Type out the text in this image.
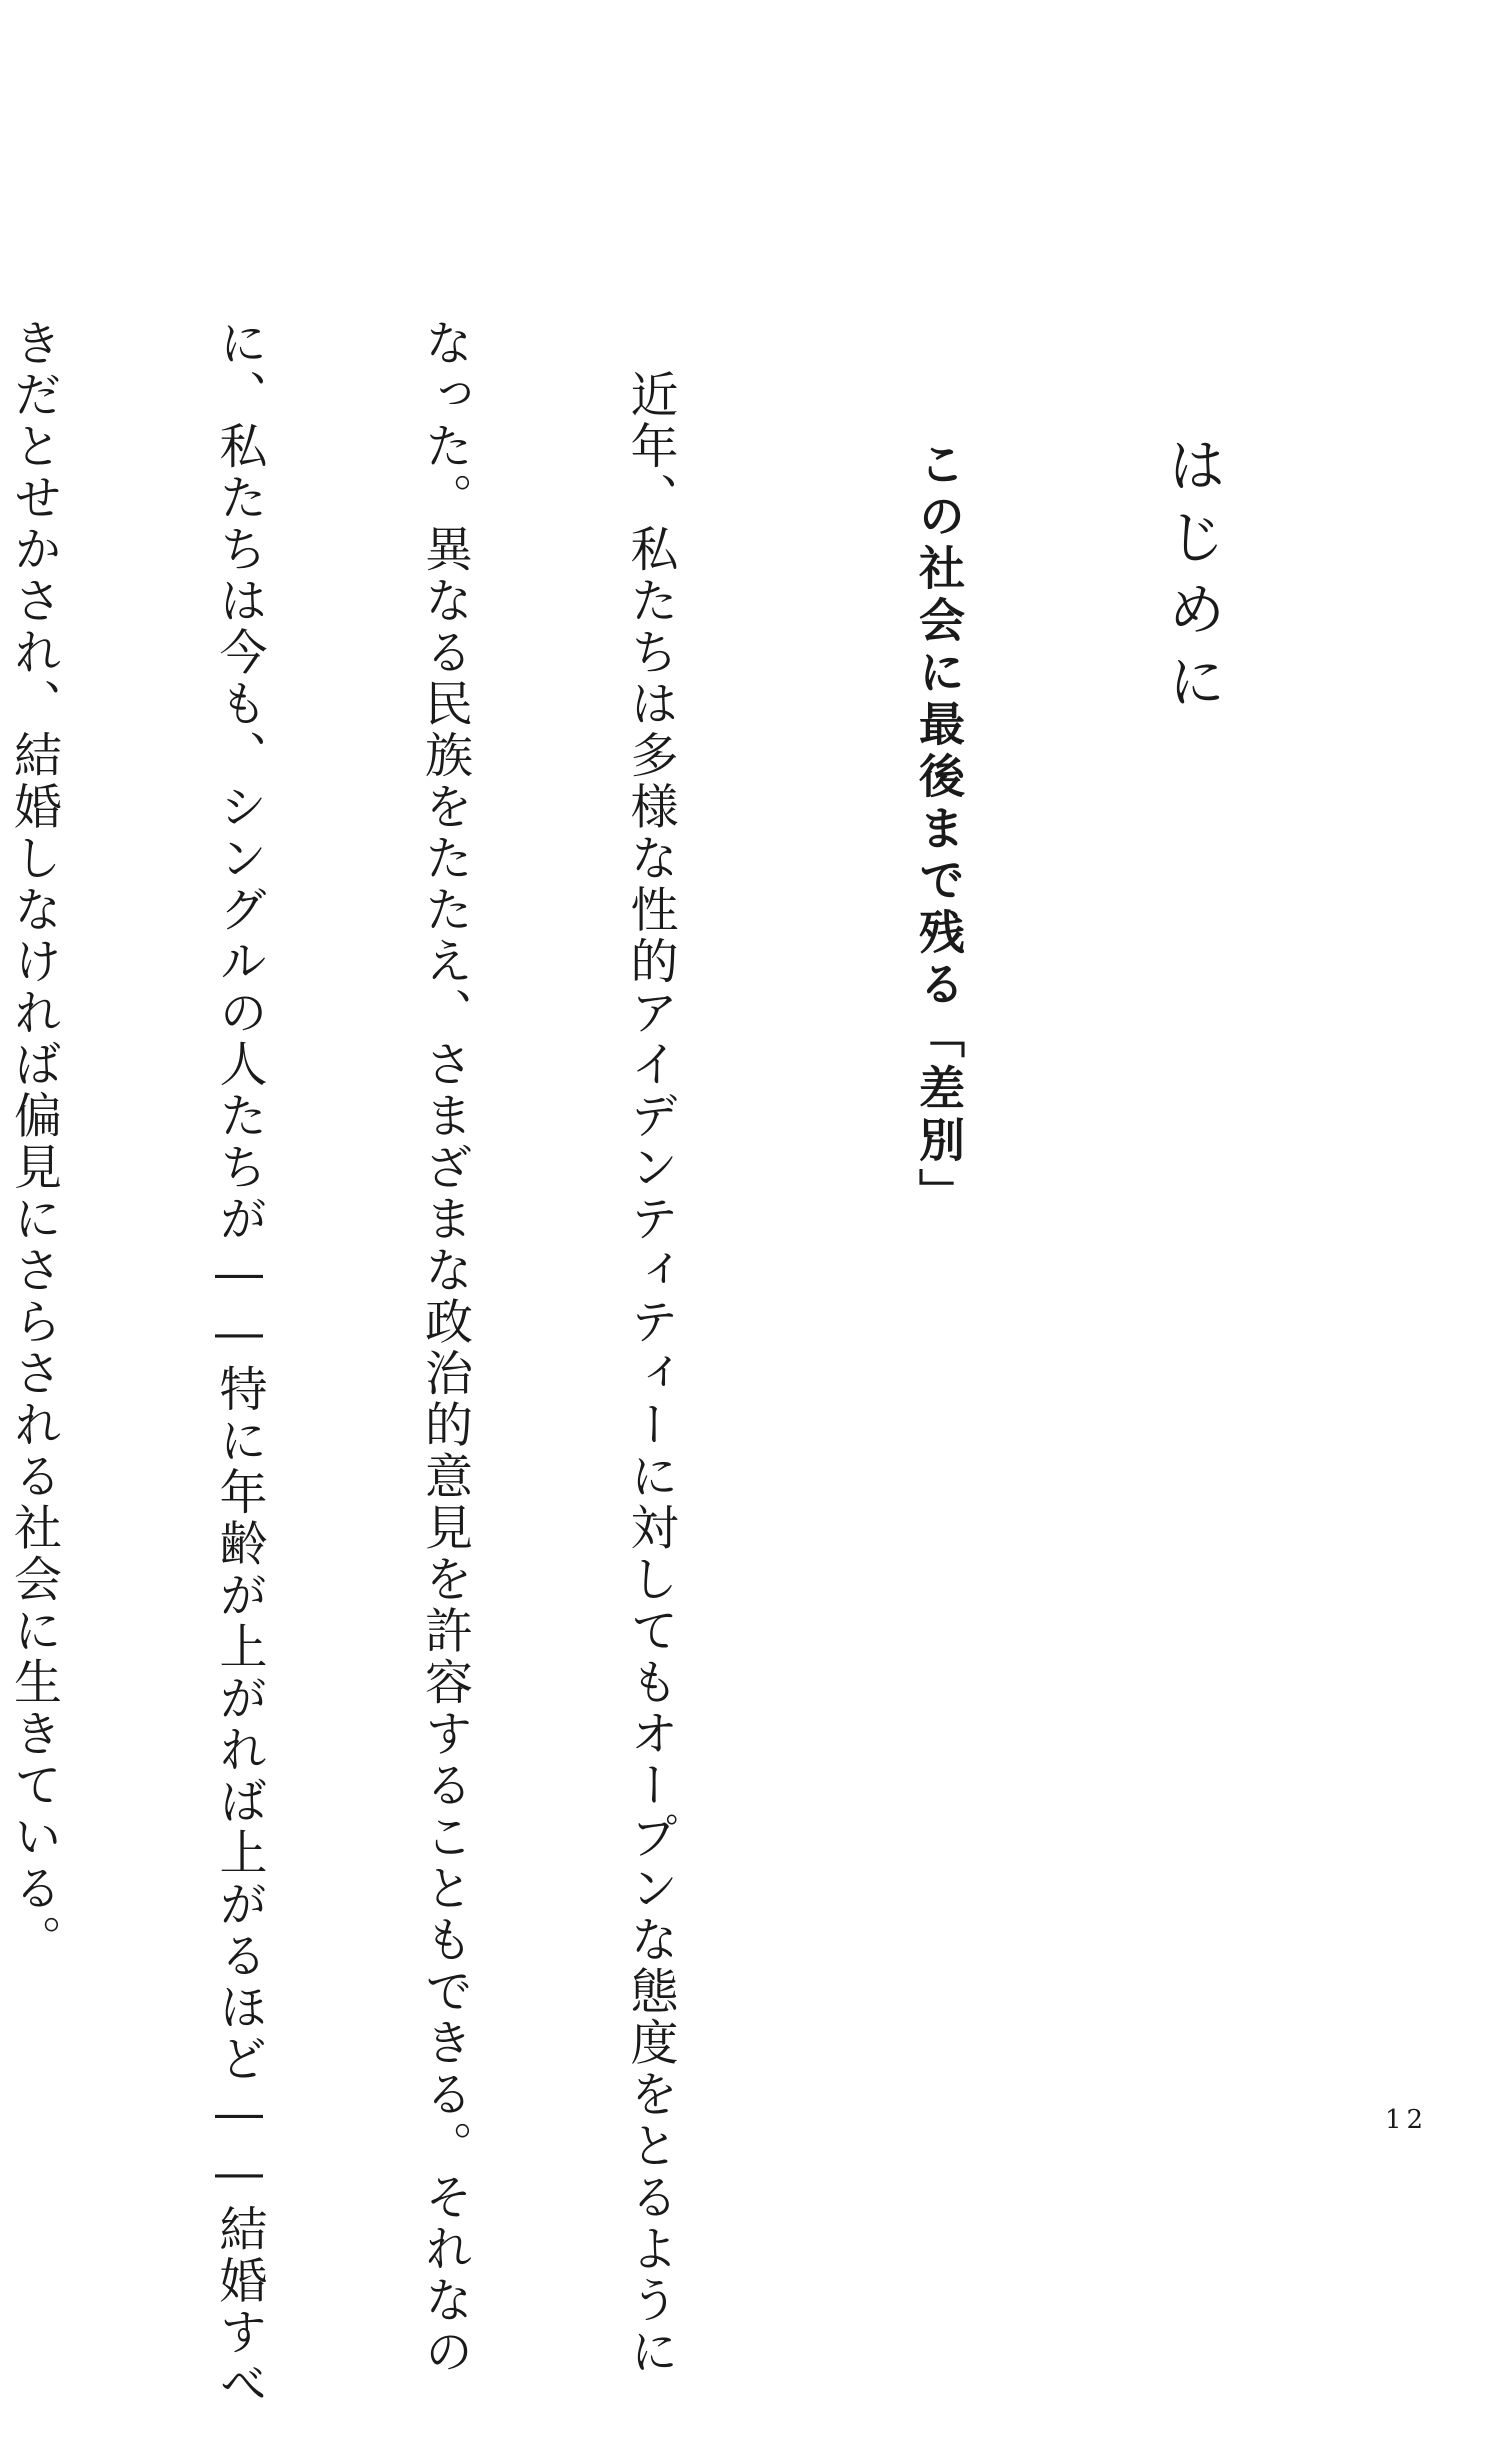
はじめに
この社会に最後まで残る「差別」

　近年、私たちは多様な性的アイデンティティーに対してもオープンな態度をとるように

なった。異なる民族をたたえ、さまざまな政治的意見を許容することもできる。それなの

に、私たちは今も、シングルの人たちが――特に年齢が上がれば上がるほど――結婚すべ

きだとせかされ、結婚しなければ偏見にさらされる社会に生きている。

12
